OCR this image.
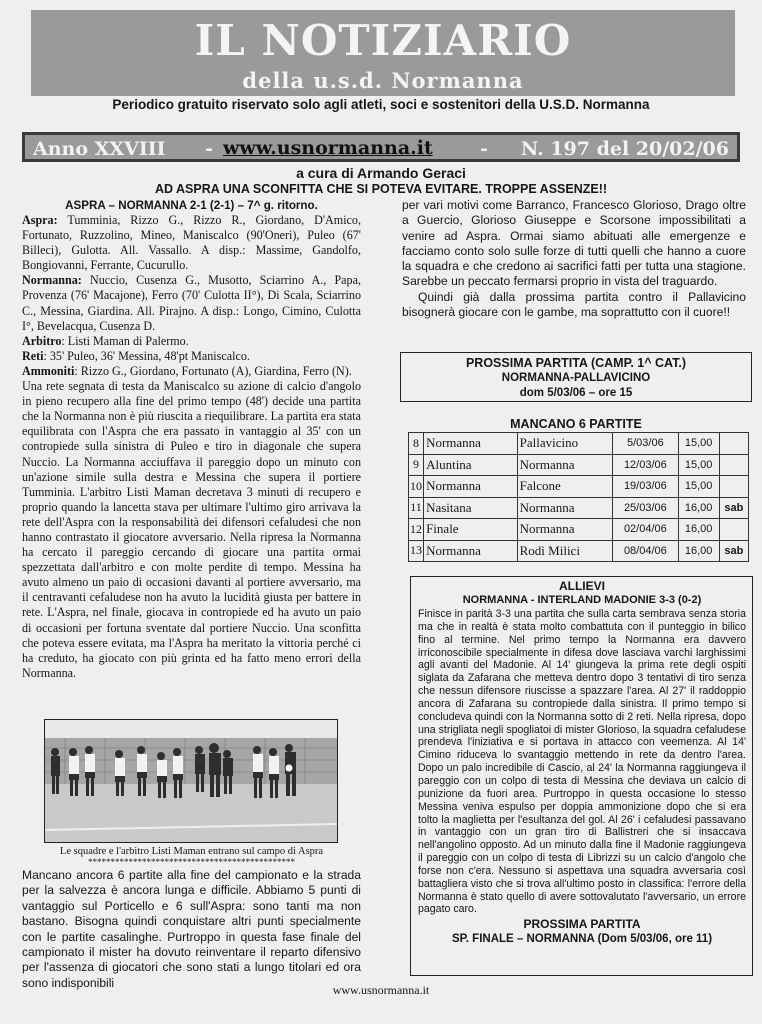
IL NOTIZIARIO
della u.s.d. Normanna
Periodico gratuito riservato solo agli atleti, soci e sostenitori della U.S.D. Normanna
Anno XXVIII - www.usnormanna.it - N. 197 del 20/02/06
a cura di Armando Geraci
AD ASPRA UNA SCONFITTA CHE SI POTEVA EVITARE. TROPPE ASSENZE!!
ASPRA – NORMANNA 2-1 (2-1) – 7^ g. ritorno.

Aspra: Tumminia, Rizzo G., Rizzo R., Giordano, D'Amico, Fortunato, Ruzzolino, Mineo, Maniscalco (90'Oneri), Puleo (67' Billeci), Gulotta. All. Vassallo. A disp.: Massime, Gandolfo, Bongiovanni, Ferrante, Cucurullo.

Normanna: Nuccio, Cusenza G., Musotto, Sciarrino A., Papa, Provenza (76' Macajone), Ferro (70' Culotta II°), Di Scala, Sciarrino C., Messina, Giardina. All. Pirajno. A disp.: Longo, Cimino, Culotta I°, Bevelacqua, Cusenza D.

Arbitro: Listi Maman di Palermo.

Reti: 35' Puleo, 36' Messina, 48'pt Maniscalco.

Ammoniti: Rizzo G., Giordano, Fortunato (A), Giardina, Ferro (N).

Una rete segnata di testa da Maniscalco su azione di calcio d'angolo in pieno recupero alla fine del primo tempo (48') decide una partita che la Normanna non è più riuscita a riequilibrare. La partita era stata equilibrata con l'Aspra che era passato in vantaggio al 35' con un contropiede sulla sinistra di Puleo e tiro in diagonale che supera Nuccio. La Normanna acciuffava il pareggio dopo un minuto con un'azione simile sulla destra e Messina che supera il portiere Tumminia. L'arbitro Listi Maman decretava 3 minuti di recupero e proprio quando la lancetta stava per ultimare l'ultimo giro arrivava la rete dell'Aspra con la responsabilità dei difensori cefaludesi che non hanno contrastato il giocatore avversario. Nella ripresa la Normanna ha cercato il pareggio cercando di giocare una partita ormai spezzettata dall'arbitro e con molte perdite di tempo. Messina ha avuto almeno un paio di occasioni davanti al portiere avversario, ma il centravanti cefaludese non ha avuto la lucidità giusta per battere in rete. L'Aspra, nel finale, giocava in contropiede ed ha avuto un paio di occasioni per fortuna sventate dal portiere Nuccio. Una sconfitta che poteva essere evitata, ma l'Aspra ha meritato la vittoria perché ci ha creduto, ha giocato con più grinta ed ha fatto meno errori della Normanna.

Le squadre e l'arbitro Listi Maman entrano sul campo di Aspra
**********************************************
Mancano ancora 6 partite alla fine del campionato e la strada per la salvezza è ancora lunga e difficile. Abbiamo 5 punti di vantaggio sul Porticello e 6 sull'Aspra: sono tanti ma non bastano. Bisogna quindi conquistare altri punti specialmente con le partite casalinghe. Purtroppo in questa fase finale del campionato il mister ha dovuto reinventare il reparto difensivo per l'assenza di giocatori che sono stati a lungo titolari ed ora sono indisponibili

per vari motivi come Barranco, Francesco Glorioso, Drago oltre a Guercio, Glorioso Giuseppe e Scorsone impossibilitati a venire ad Aspra. Ormai siamo abituati alle emergenze e facciamo conto solo sulle forze di tutti quelli che hanno a cuore la squadra e che credono ai sacrifici fatti per tutta una stagione. Sarebbe un peccato fermarsi proprio in vista del traguardo.

Quindi già dalla prossima partita contro il Pallavicino bisognerà giocare con le gambe, ma soprattutto con il cuore!!

PROSSIMA PARTITA (CAMP. 1^ CAT.)
NORMANNA-PALLAVICINO
dom 5/03/06 – ore 15
MANCANO 6 PARTITE
8	Normanna	Pallavicino	5/03/06	15,00	
9	Aluntina	Normanna	12/03/06	15,00	
10	Normanna	Falcone	19/03/06	15,00	
11	Nasitana	Normanna	25/03/06	16,00	sab
12	Finale	Normanna	02/04/06	16,00	
13	Normanna	Rodì Milici	08/04/06	16,00	sab
ALLIEVI
NORMANNA - INTERLAND MADONIE 3-3 (0-2)
Finisce in parità 3-3 una partita che sulla carta sembrava senza storia ma che in realtà è stata molto combattuta con il punteggio in bilico fino al termine. Nel primo tempo la Normanna era davvero irriconoscibile specialmente in difesa dove lasciava varchi larghissimi agli avanti del Madonie. Al 14' giungeva la prima rete degli ospiti siglata da Zafarana che metteva dentro dopo 3 tentativi di tiro senza che nessun difensore riuscisse a spazzare l'area. Al 27' il raddoppio ancora di Zafarana su contropiede dalla sinistra. Il primo tempo si concludeva quindi con la Normanna sotto di 2 reti. Nella ripresa, dopo una strigliata negli spogliatoi di mister Glorioso, la squadra cefaludese prendeva l'iniziativa e si portava in attacco con veemenza. Al 14' Cimino riduceva lo svantaggio mettendo in rete da dentro l'area. Dopo un palo incredibile di Cascio, al 24' la Normanna raggiungeva il pareggio con un colpo di testa di Messina che deviava un calcio di punizione da fuori area. Purtroppo in questa occasione lo stesso Messina veniva espulso per doppia ammonizione dopo che si era tolto la maglietta per l'esultanza del gol. Al 26' i cefaludesi passavano in vantaggio con un gran tiro di Ballistreri che si insaccava nell'angolino opposto. Ad un minuto dalla fine il Madonie raggiungeva il pareggio con un colpo di testa di Librizzi su un calcio d'angolo che forse non c'era. Nessuno si aspettava una squadra avversaria così battagliera visto che si trova all'ultimo posto in classifica: l'errore della Normanna è stato quello di avere sottovalutato l'avversario, un errore pagato caro.
PROSSIMA PARTITA
SP. FINALE – NORMANNA (Dom 5/03/06, ore 11)
www.usnormanna.it
